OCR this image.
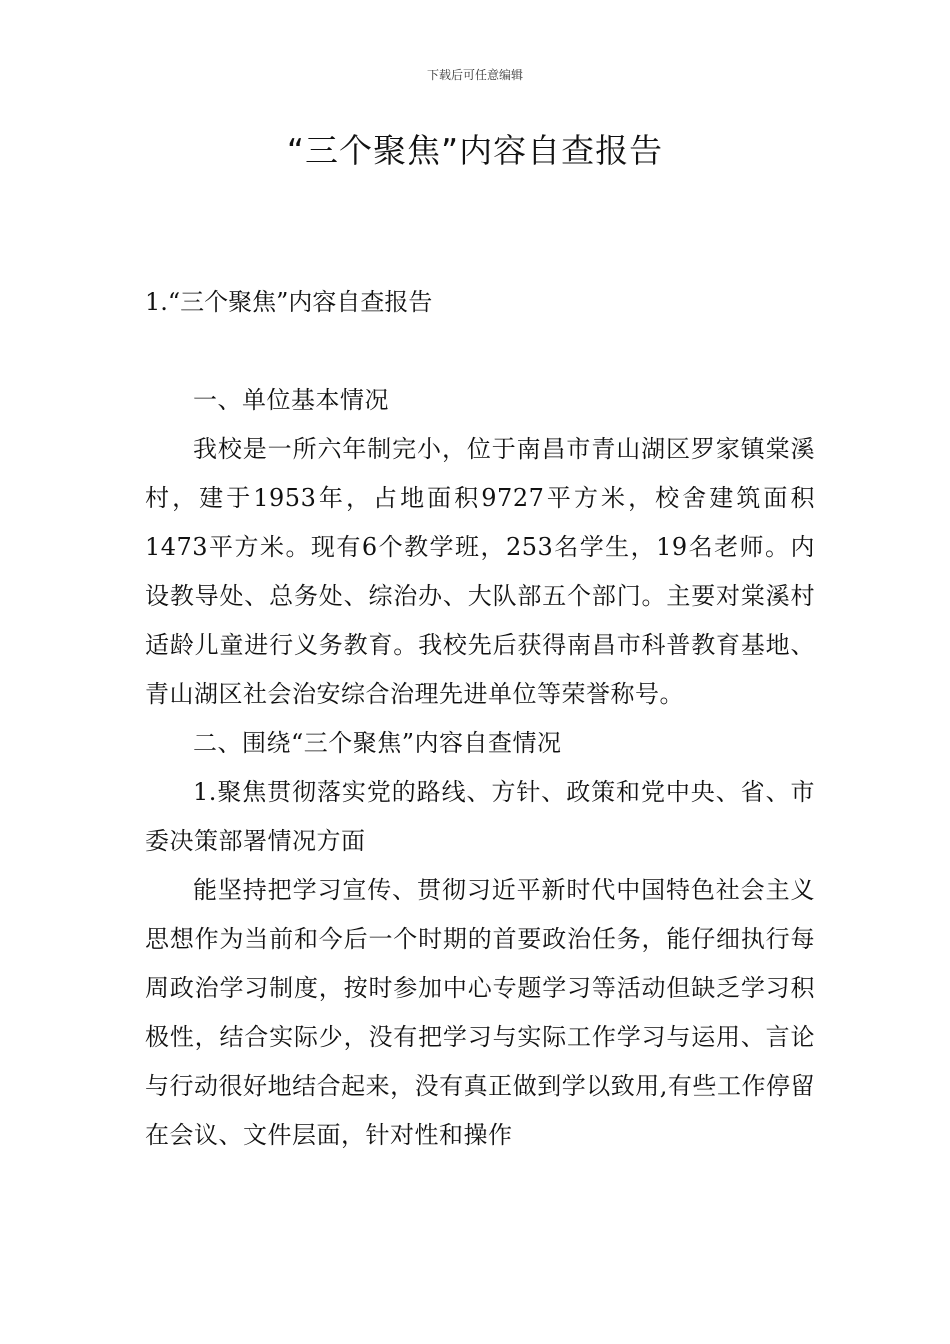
下载后可任意编辑
“三个聚焦”内容自查报告
1.“三个聚焦”内容自查报告

一、单位基本情况

我校是一所六年制完小，位于南昌市青山湖区罗家镇棠溪村，建于1953年，占地面积9727平方米，校舍建筑面积1473平方米。现有6个教学班，253名学生，19名老师。内设教导处、总务处、综治办、大队部五个部门。主要对棠溪村适龄儿童进行义务教育。我校先后获得南昌市科普教育基地、青山湖区社会治安综合治理先进单位等荣誉称号。

二、围绕“三个聚焦”内容自查情况

1.聚焦贯彻落实党的路线、方针、政策和党中央、省、市委决策部署情况方面

能坚持把学习宣传、贯彻习近平新时代中国特色社会主义思想作为当前和今后一个时期的首要政治任务，能仔细执行每周政治学习制度，按时参加中心专题学习等活动但缺乏学习积极性，结合实际少，没有把学习与实际工作学习与运用、言论与行动很好地结合起来，没有真正做到学以致用,有些工作停留在会议、文件层面，针对性和操作
